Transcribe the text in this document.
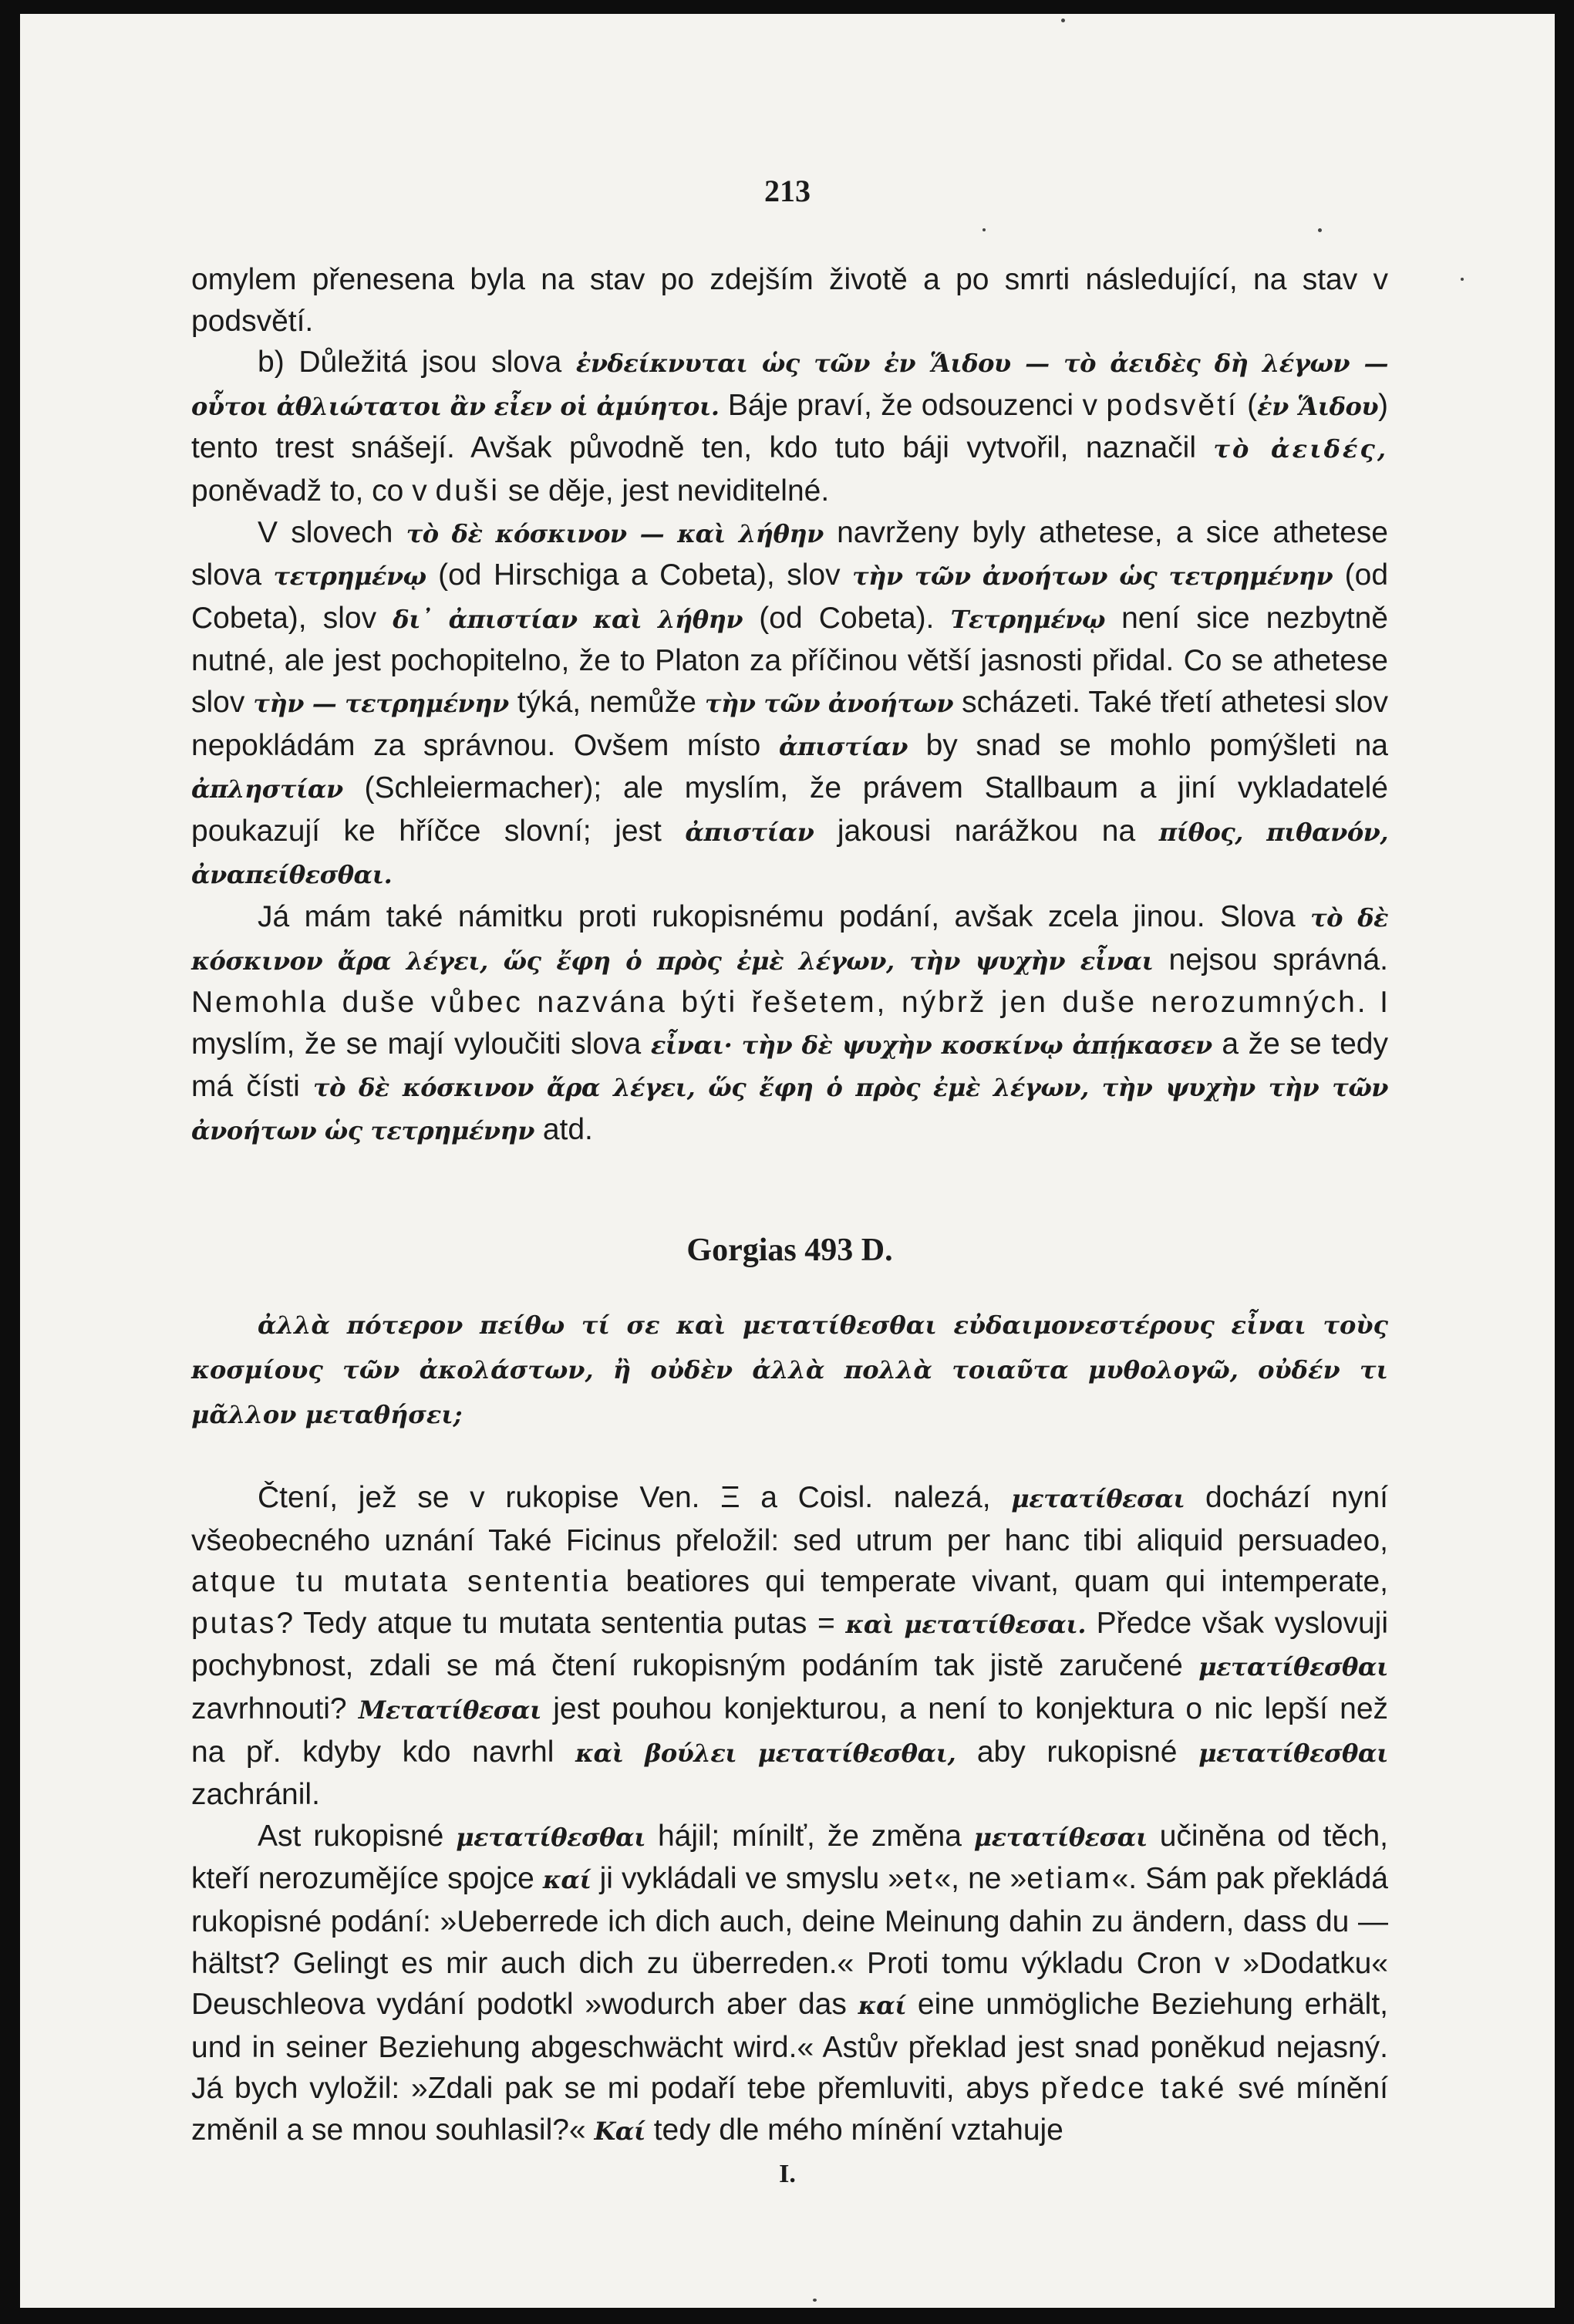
213

omylem přenesena byla na stav po zdejším životě a po smrti následující, na stav v podsvětí.

b) Důležitá jsou slova ἐνδείκνυται ὡς τῶν ἐν Ἅιδου — τὸ ἀειδὲς δὴ λέγων — οὗτοι ἀθλιώτατοι ἂν εἶεν οἱ ἀμύητοι. Báje praví, že odsouzenci v podsvětí (ἐν Ἅιδου) tento trest snášejí. Avšak původně ten, kdo tuto báji vytvořil, naznačil τὸ ἀειδές, poněvadž to, co v duši se děje, jest neviditelné.

V slovech τὸ δὲ κόσκινον — καὶ λήθην navrženy byly athetese, a sice athetese slova τετρημένῳ (od Hirschiga a Cobeta), slov τὴν τῶν ἀνοήτων ὡς τετρημένην (od Cobeta), slov δι᾽ ἀπιστίαν καὶ λήθην (od Cobeta). Τετρημένῳ není sice nezbytně nutné, ale jest pochopitelno, že to Platon za příčinou větší jasnosti přidal. Co se athetese slov τὴν — τετρημένην týká, nemůže τὴν τῶν ἀνοήτων scházeti. Také třetí athetesi slov nepokládám za správnou. Ovšem místo ἀπιστίαν by snad se mohlo pomýšleti na ἀπληστίαν (Schleiermacher); ale myslím, že právem Stallbaum a jiní vykladatelé poukazují ke hříčce slovní; jest ἀπιστίαν jakousi narážkou na πίθος, πιθανόν, ἀναπείθεσθαι.

Já mám také námitku proti rukopisnému podání, avšak zcela jinou. Slova τὸ δὲ κόσκινον ἄρα λέγει, ὥς ἔφη ὁ πρὸς ἐμὲ λέγων, τὴν ψυχὴν εἶναι nejsou správná. Nemohla duše vůbec nazvána býti řešetem, nýbrž jen duše nerozumných. I myslím, že se mají vyloučiti slova εἶναι· τὴν δὲ ψυχὴν κοσκίνῳ ἀπῄκασεν a že se tedy má čísti τὸ δὲ κόσκινον ἄρα λέγει, ὥς ἔφη ὁ πρὸς ἐμὲ λέγων, τὴν ψυχὴν τὴν τῶν ἀνοήτων ὡς τετρημένην atd.

Gorgias 493 D.

ἀλλὰ πότερον πείθω τί σε καὶ μετατίθεσθαι εὐδαιμονεστέρους εἶναι τοὺς κοσμίους τῶν ἀκολάστων, ἢ οὐδὲν ἀλλὰ πολλὰ τοιαῦτα μυθολογῶ, οὐδέν τι μᾶλλον μεταθήσει;

Čtení, jež se v rukopise Ven. Ξ a Coisl. nalezá, μετατίθεσαι dochází nyní všeobecného uznání Také Ficinus přeložil: sed utrum per hanc tibi aliquid persuadeo, atque tu mutata sententia beatiores qui temperate vivant, quam qui intemperate, putas? Tedy atque tu mutata sententia putas = καὶ μετατίθεσαι. Předce však vyslovuji pochybnost, zdali se má čtení rukopisným podáním tak jistě zaručené μετατίθεσθαι zavrhnouti? Μετατίθεσαι jest pouhou konjekturou, a není to konjektura o nic lepší než na př. kdyby kdo navrhl καὶ βούλει μετατίθεσθαι, aby rukopisné μετατίθεσθαι zachránil.

Ast rukopisné μετατίθεσθαι hájil; mínilť, že změna μετατίθεσαι učiněna od těch, kteří nerozumějíce spojce καί ji vykládali ve smyslu »et«, ne »etiam«. Sám pak překládá rukopisné podání: »Ueberrede ich dich auch, deine Meinung dahin zu ändern, dass du — hältst? Gelingt es mir auch dich zu überreden.« Proti tomu výkladu Cron v »Dodatku« Deuschleova vydání podotkl »wodurch aber das καί eine unmögliche Beziehung erhält, und in seiner Beziehung abgeschwächt wird.« Astův překlad jest snad poněkud nejasný. Já bych vyložil: »Zdali pak se mi podaří tebe přemluviti, abys předce také své mínění změnil a se mnou souhlasil?« Καί tedy dle mého mínění vztahuje

I.
